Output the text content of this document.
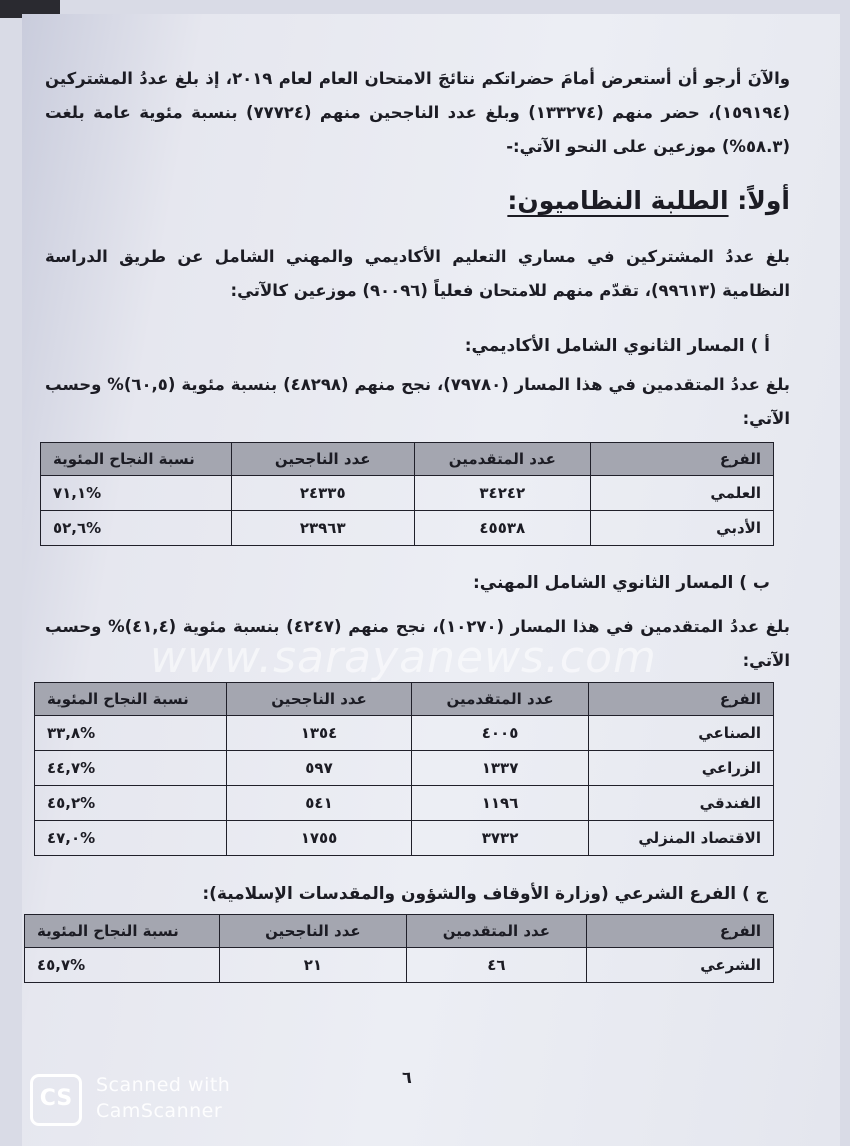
والآنَ أرجو أن أستعرض أمامَ حضراتكم نتائجَ الامتحان العام لعام ٢٠١٩، إذ بلغ عددُ المشتركين (١٥٩١٩٤)، حضر منهم (١٣٣٢٧٤) وبلغ عدد الناجحين منهم (٧٧٧٢٤) بنسبة مئوية عامة بلغت (٥٨.٣%) موزعين على النحو الآتي:-

أولاً: الطلبة النظاميون:

بلغ عددُ المشتركين في مساري التعليم الأكاديمي والمهني الشامل عن طريق الدراسة النظامية (٩٩٦١٣)، تقدّم منهم للامتحان فعلياً (٩٠٠٩٦) موزعين كالآتي:

أ ) المسار الثانوي الشامل الأكاديمي:

بلغ عددُ المتقدمين في هذا المسار (٧٩٧٨٠)، نجح منهم (٤٨٢٩٨) بنسبة مئوية (٦٠,٥)% وحسب الآتي:

الفرع	عدد المتقدمين	عدد الناجحين	نسبة النجاح المئوية
العلمي	٣٤٢٤٢	٢٤٣٣٥	%٧١,١
الأدبي	٤٥٥٣٨	٢٣٩٦٣	%٥٢,٦
ب ) المسار الثانوي الشامل المهني:

بلغ عددُ المتقدمين في هذا المسار (١٠٢٧٠)، نجح منهم (٤٢٤٧) بنسبة مئوية (٤١,٤)% وحسب الآتي:

www.sarayanews.com
الفرع	عدد المتقدمين	عدد الناجحين	نسبة النجاح المئوية
الصناعي	٤٠٠٥	١٣٥٤	%٣٣,٨
الزراعي	١٣٣٧	٥٩٧	%٤٤,٧
الفندقي	١١٩٦	٥٤١	%٤٥,٢
الاقتصاد المنزلي	٣٧٣٢	١٧٥٥	%٤٧,٠
ج ) الفرع الشرعي (وزارة الأوقاف والشؤون والمقدسات الإسلامية):
الفرع	عدد المتقدمين	عدد الناجحين	نسبة النجاح المئوية
الشرعي	٤٦	٢١	%٤٥,٧
٦
CS
Scanned with
CamScanner
